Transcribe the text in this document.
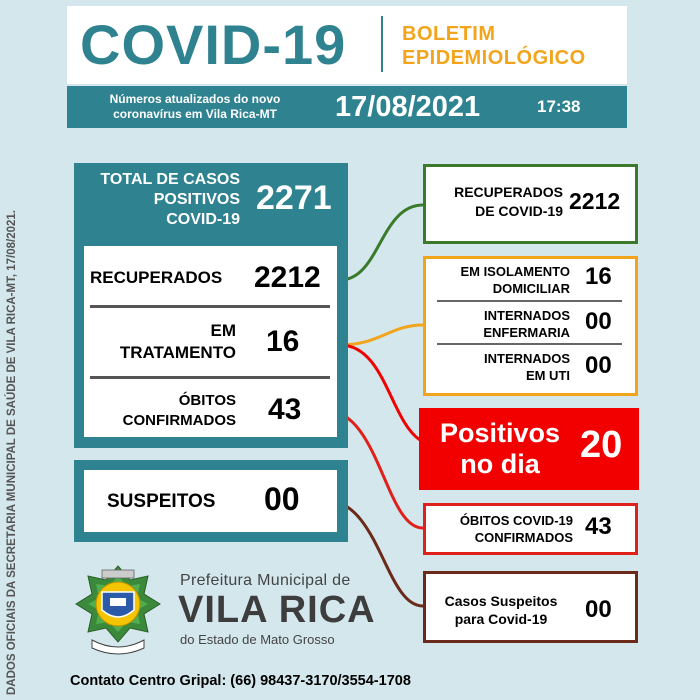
COVID-19	BOLETIM
EPIDEMIOLÓGICO
Números atualizados do novo
coronavírus em Vila Rica-MT	17/08/2021	17:38
DADOS OFICIAIS DA SECRETARIA MUNICIPAL DE SAÚDE DE VILA RICA-MT, 17/08/2021.
TOTAL DE CASOS
POSITIVOS
COVID-19
2271
RECUPERADOS 2212
EM
TRATAMENTO 16
ÓBITOS
CONFIRMADOS 43
SUSPEITOS 00
RECUPERADOS
DE COVID-19 2212
EM ISOLAMENTO
DOMICILIAR 16
INTERNADOS
ENFERMARIA 00
INTERNADOS
EM UTI 00
Positivos
no dia	20
ÓBITOS COVID-19
CONFIRMADOS 43
Casos Suspeitos
para Covid-19	00
Prefeitura Municipal de
VILA RICA
do Estado de Mato Grosso
Contato Centro Gripal: (66) 98437-3170/3554-1708
